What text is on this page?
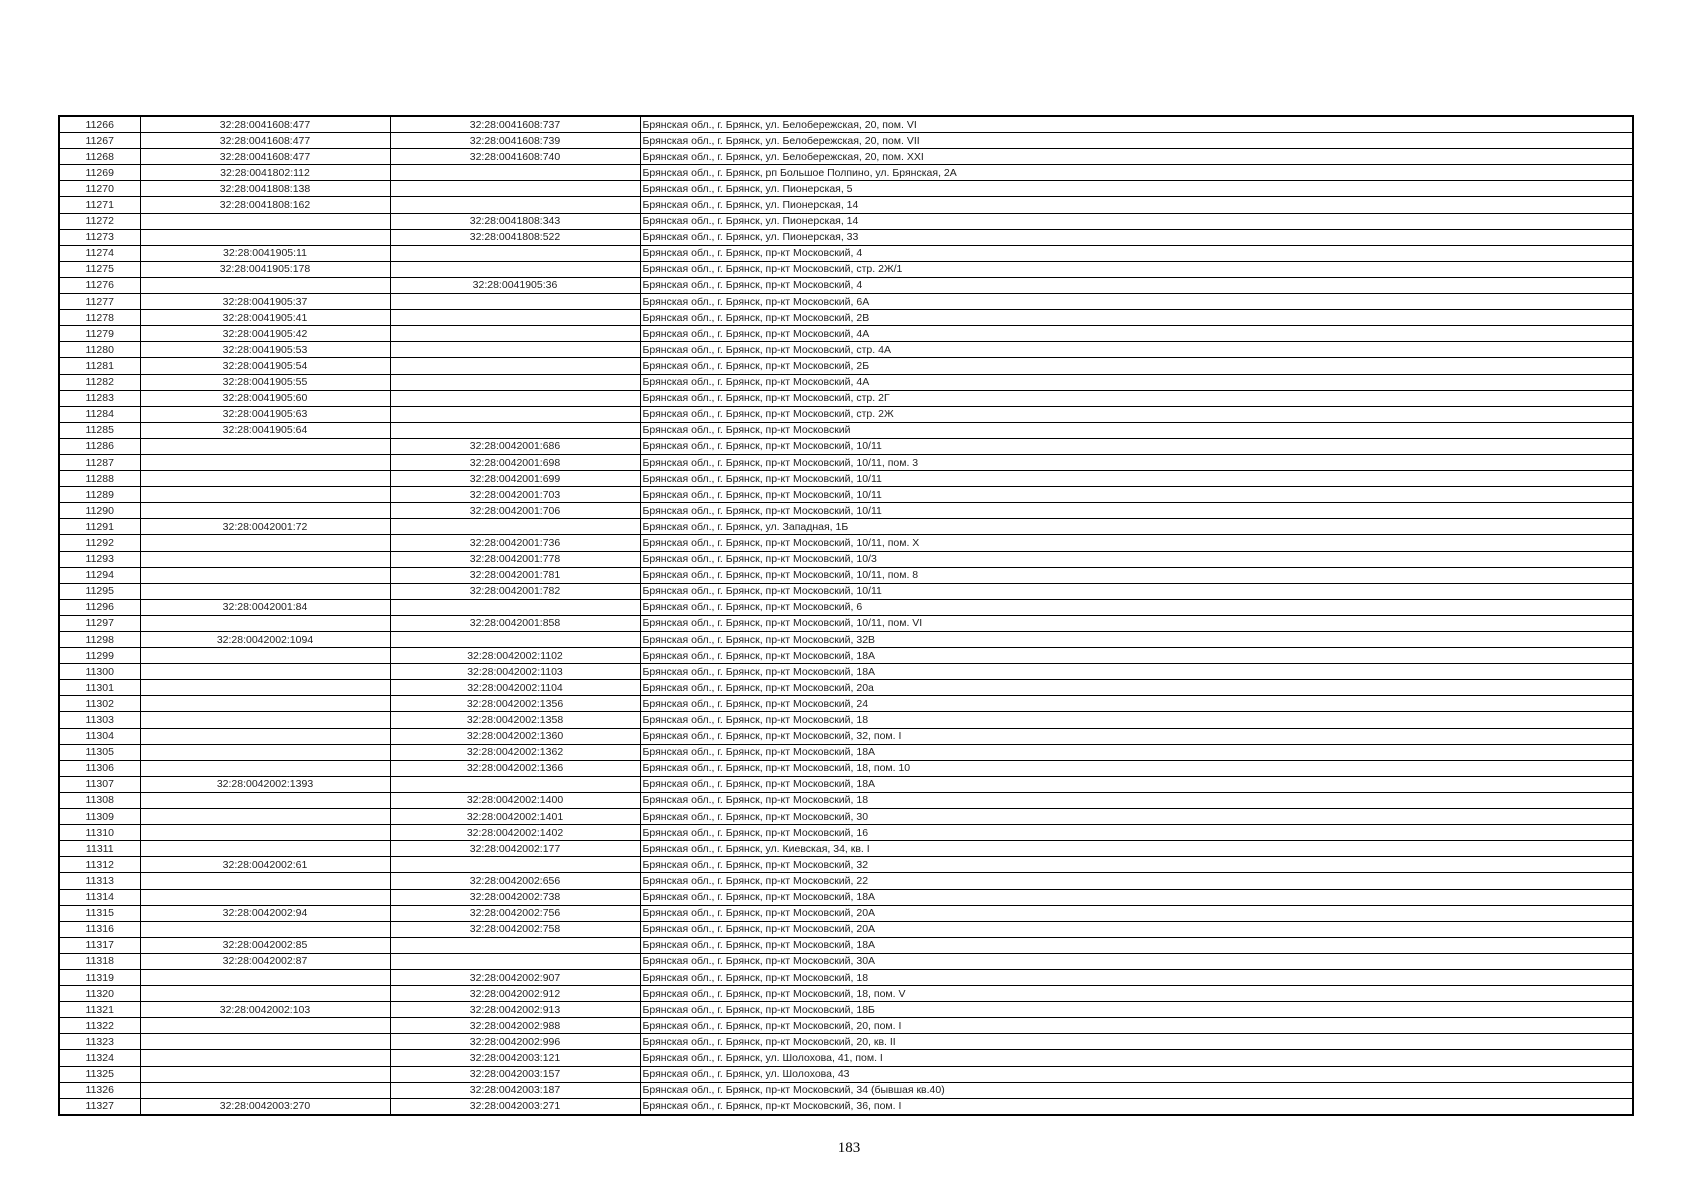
11266	32:28:0041608:477	32:28:0041608:737	Брянская обл., г. Брянск, ул. Белобережская, 20, пом. VI
11267	32:28:0041608:477	32:28:0041608:739	Брянская обл., г. Брянск, ул. Белобережская, 20, пом. VII
11268	32:28:0041608:477	32:28:0041608:740	Брянская обл., г. Брянск, ул. Белобережская, 20, пом. XXI
11269	32:28:0041802:112		Брянская обл., г. Брянск, рп Большое Полпино, ул. Брянская, 2А
11270	32:28:0041808:138		Брянская обл., г. Брянск, ул. Пионерская, 5
11271	32:28:0041808:162		Брянская обл., г. Брянск, ул. Пионерская, 14
11272		32:28:0041808:343	Брянская обл., г. Брянск, ул. Пионерская, 14
11273		32:28:0041808:522	Брянская обл., г. Брянск, ул. Пионерская, 33
11274	32:28:0041905:11		Брянская обл., г. Брянск, пр-кт Московский, 4
11275	32:28:0041905:178		Брянская обл., г. Брянск, пр-кт Московский, стр. 2Ж/1
11276		32:28:0041905:36	Брянская обл., г. Брянск, пр-кт Московский, 4
11277	32:28:0041905:37		Брянская обл., г. Брянск, пр-кт Московский, 6А
11278	32:28:0041905:41		Брянская обл., г. Брянск, пр-кт Московский, 2В
11279	32:28:0041905:42		Брянская обл., г. Брянск, пр-кт Московский, 4А
11280	32:28:0041905:53		Брянская обл., г. Брянск, пр-кт Московский, стр. 4А
11281	32:28:0041905:54		Брянская обл., г. Брянск, пр-кт Московский, 2Б
11282	32:28:0041905:55		Брянская обл., г. Брянск, пр-кт Московский, 4А
11283	32:28:0041905:60		Брянская обл., г. Брянск, пр-кт Московский, стр. 2Г
11284	32:28:0041905:63		Брянская обл., г. Брянск, пр-кт Московский, стр. 2Ж
11285	32:28:0041905:64		Брянская обл., г. Брянск, пр-кт Московский
11286		32:28:0042001:686	Брянская обл., г. Брянск, пр-кт Московский, 10/11
11287		32:28:0042001:698	Брянская обл., г. Брянск, пр-кт Московский, 10/11, пом. 3
11288		32:28:0042001:699	Брянская обл., г. Брянск, пр-кт Московский, 10/11
11289		32:28:0042001:703	Брянская обл., г. Брянск, пр-кт Московский, 10/11
11290		32:28:0042001:706	Брянская обл., г. Брянск, пр-кт Московский, 10/11
11291	32:28:0042001:72		Брянская обл., г. Брянск, ул. Западная, 1Б
11292		32:28:0042001:736	Брянская обл., г. Брянск, пр-кт Московский, 10/11, пом. X
11293		32:28:0042001:778	Брянская обл., г. Брянск, пр-кт Московский, 10/3
11294		32:28:0042001:781	Брянская обл., г. Брянск, пр-кт Московский, 10/11, пом. 8
11295		32:28:0042001:782	Брянская обл., г. Брянск, пр-кт Московский, 10/11
11296	32:28:0042001:84		Брянская обл., г. Брянск, пр-кт Московский, 6
11297		32:28:0042001:858	Брянская обл., г. Брянск, пр-кт Московский, 10/11, пом. VI
11298	32:28:0042002:1094		Брянская обл., г. Брянск, пр-кт Московский, 32В
11299		32:28:0042002:1102	Брянская обл., г. Брянск, пр-кт Московский, 18А
11300		32:28:0042002:1103	Брянская обл., г. Брянск, пр-кт Московский, 18А
11301		32:28:0042002:1104	Брянская обл., г. Брянск, пр-кт Московский, 20а
11302		32:28:0042002:1356	Брянская обл., г. Брянск, пр-кт Московский, 24
11303		32:28:0042002:1358	Брянская обл., г. Брянск, пр-кт Московский, 18
11304		32:28:0042002:1360	Брянская обл., г. Брянск, пр-кт Московский, 32, пом. I
11305		32:28:0042002:1362	Брянская обл., г. Брянск, пр-кт Московский, 18А
11306		32:28:0042002:1366	Брянская обл., г. Брянск, пр-кт Московский, 18, пом. 10
11307	32:28:0042002:1393		Брянская обл., г. Брянск, пр-кт Московский, 18А
11308		32:28:0042002:1400	Брянская обл., г. Брянск, пр-кт Московский, 18
11309		32:28:0042002:1401	Брянская обл., г. Брянск, пр-кт Московский, 30
11310		32:28:0042002:1402	Брянская обл., г. Брянск, пр-кт Московский, 16
11311		32:28:0042002:177	Брянская обл., г. Брянск, ул. Киевская, 34, кв. I
11312	32:28:0042002:61		Брянская обл., г. Брянск, пр-кт Московский, 32
11313		32:28:0042002:656	Брянская обл., г. Брянск, пр-кт Московский, 22
11314		32:28:0042002:738	Брянская обл., г. Брянск, пр-кт Московский, 18А
11315	32:28:0042002:94	32:28:0042002:756	Брянская обл., г. Брянск, пр-кт Московский, 20А
11316		32:28:0042002:758	Брянская обл., г. Брянск, пр-кт Московский, 20А
11317	32:28:0042002:85		Брянская обл., г. Брянск, пр-кт Московский, 18А
11318	32:28:0042002:87		Брянская обл., г. Брянск, пр-кт Московский, 30А
11319		32:28:0042002:907	Брянская обл., г. Брянск, пр-кт Московский, 18
11320		32:28:0042002:912	Брянская обл., г. Брянск, пр-кт Московский, 18, пом. V
11321	32:28:0042002:103	32:28:0042002:913	Брянская обл., г. Брянск, пр-кт Московский, 18Б
11322		32:28:0042002:988	Брянская обл., г. Брянск, пр-кт Московский, 20, пом. I
11323		32:28:0042002:996	Брянская обл., г. Брянск, пр-кт Московский, 20, кв. II
11324		32:28:0042003:121	Брянская обл., г. Брянск, ул. Шолохова, 41, пом. I
11325		32:28:0042003:157	Брянская обл., г. Брянск, ул. Шолохова, 43
11326		32:28:0042003:187	Брянская обл., г. Брянск, пр-кт Московский, 34 (бывшая кв.40)
11327	32:28:0042003:270	32:28:0042003:271	Брянская обл., г. Брянск, пр-кт Московский, 36, пом. I
183
